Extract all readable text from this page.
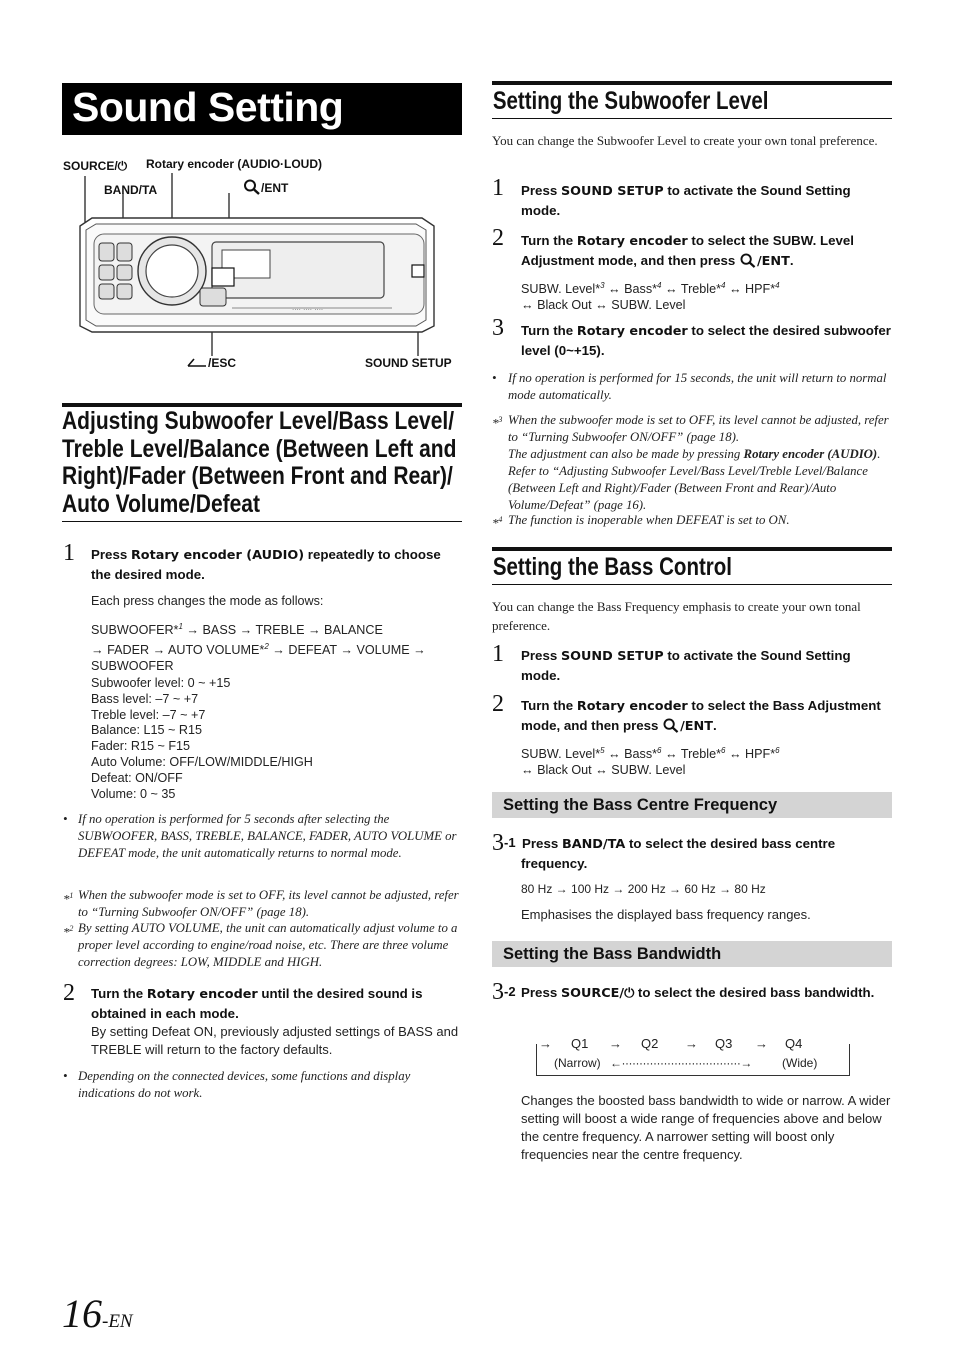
Sound Setting
SOURCE/⏻ Rotary encoder (AUDIO·LOUD)
BAND/TA	/ENT
···· ···· ····
/ESC	SOUND SETUP
Adjusting Subwoofer Level/Bass Level/
Treble Level/Balance (Between Left and
Right)/Fader (Between Front and Rear)/
Auto Volume/Defeat
1 Press Rotary encoder (AUDIO) repeatedly to choose the desired mode.
Each press changes the mode as follows:
SUBWOOFER*$^1$ → BASS → TREBLE → BALANCE
→ FADER → AUTO VOLUME*$^2$ → DEFEAT → VOLUME →
SUBWOOFER
Subwoofer level: 0 ~ +15
Bass level: –7 ~ +7
Treble level: –7 ~ +7
Balance: L15 ~ R15
Fader: R15 ~ F15
Auto Volume: OFF/LOW/MIDDLE/HIGH
Defeat: ON/OFF
Volume: 0 ~ 35
• If no operation is performed for 5 seconds after selecting the SUBWOOFER, BASS, TREBLE, BALANCE, FADER, AUTO VOLUME or DEFEAT mode, the unit automatically returns to normal mode.
*$^1$ When the subwoofer mode is set to OFF, its level cannot be adjusted, refer to “Turning Subwoofer ON/OFF” (page 18).
*$^2$ By setting AUTO VOLUME, the unit can automatically adjust volume to a proper level according to engine/road noise, etc. There are three volume correction degrees: LOW, MIDDLE and HIGH.
2 Turn the Rotary encoder until the desired sound is obtained in each mode.
By setting Defeat ON, previously adjusted settings of BASS and TREBLE will return to the factory defaults.
• Depending on the connected devices, some functions and display indications do not work.
Setting the Subwoofer Level
You can change the Subwoofer Level to create your own tonal preference.
1 Press SOUND SETUP to activate the Sound Setting mode.
2 Turn the Rotary encoder to select the SUBW. Level Adjustment mode, and then press /ENT.
SUBW. Level*$^3$ ↔ Bass*$^4$ ↔ Treble*$^4$ ↔ HPF*$^4$
↔ Black Out ↔ SUBW. Level
3 Turn the Rotary encoder to select the desired subwoofer level (0~+15).
• If no operation is performed for 15 seconds, the unit will return to normal mode automatically.
*$^3$ When the subwoofer mode is set to OFF, its level cannot be adjusted, refer to “Turning Subwoofer ON/OFF” (page 18).
The adjustment can also be made by pressing Rotary encoder (AUDIO). Refer to “Adjusting Subwoofer Level/Bass Level/Treble Level/Balance (Between Left and Right)/Fader (Between Front and Rear)/Auto Volume/Defeat” (page 16).
*$^4$ The function is inoperable when DEFEAT is set to ON.
Setting the Bass Control
You can change the Bass Frequency emphasis to create your own tonal preference.
1 Press SOUND SETUP to activate the Sound Setting mode.
2 Turn the Rotary encoder to select the Bass Adjustment mode, and then press /ENT.
SUBW. Level*$^5$ ↔ Bass*$^6$ ↔ Treble*$^6$ ↔ HPF*$^6$
↔ Black Out ↔ SUBW. Level
Setting the Bass Centre Frequency
3-1 Press BAND/TA to select the desired bass centre frequency.
80 Hz → 100 Hz → 200 Hz → 60 Hz → 80 Hz
Emphasises the displayed bass frequency ranges.
Setting the Bass Bandwidth
3-2 Press SOURCE/⏻ to select the desired bass bandwidth.
→ Q1 → Q2 → Q3 → Q4
(Narrow) ←··································→	(Wide)
Changes the boosted bass bandwidth to wide or narrow. A wider setting will boost a wide range of frequencies above and below the centre frequency. A narrower setting will boost only frequencies near the centre frequency.
16-EN
